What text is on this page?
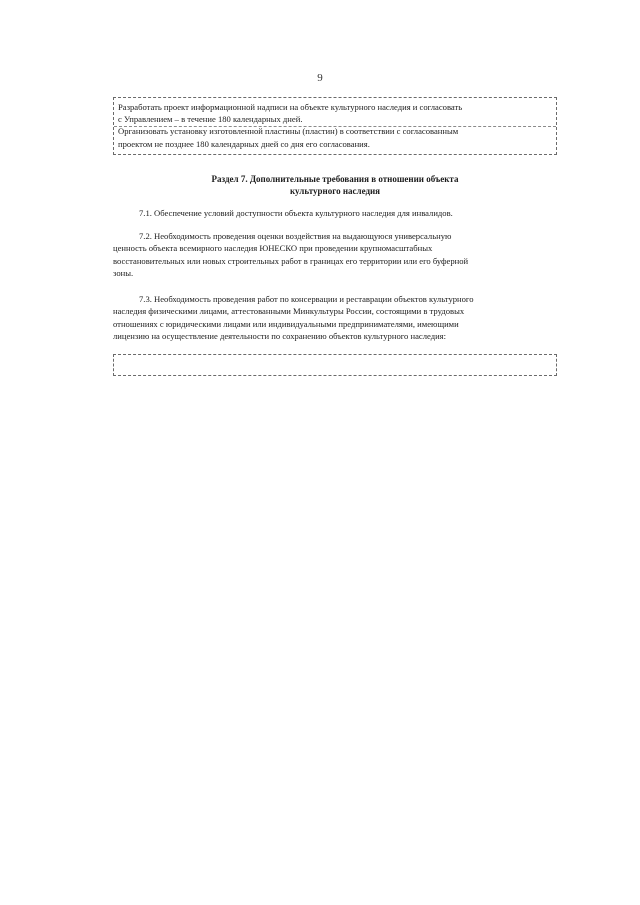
9
Разработать проект информационной надписи на объекте культурного наследия и согласовать
с Управлением – в течение 180 календарных дней.
Организовать установку изготовленной пластины (пластин) в соответствии с согласованным
проектом не позднее 180 календарных дней со дня его согласования.
Раздел 7. Дополнительные требования в отношении объекта
культурного наследия
7.1. Обеспечение условий доступности объекта культурного наследия для инвалидов.
7.2. Необходимость проведения оценки воздействия на выдающуюся универсальную
ценность объекта всемирного наследия ЮНЕСКО при проведении крупномасштабных
восстановительных или новых строительных работ в границах его территории или его буферной
зоны.
7.3. Необходимость проведения работ по консервации и реставрации объектов культурного
наследия физическими лицами, аттестованными Минкультуры России, состоящими в трудовых
отношениях с юридическими лицами или индивидуальными предпринимателями, имеющими
лицензию на осуществление деятельности по сохранению объектов культурного наследия:
